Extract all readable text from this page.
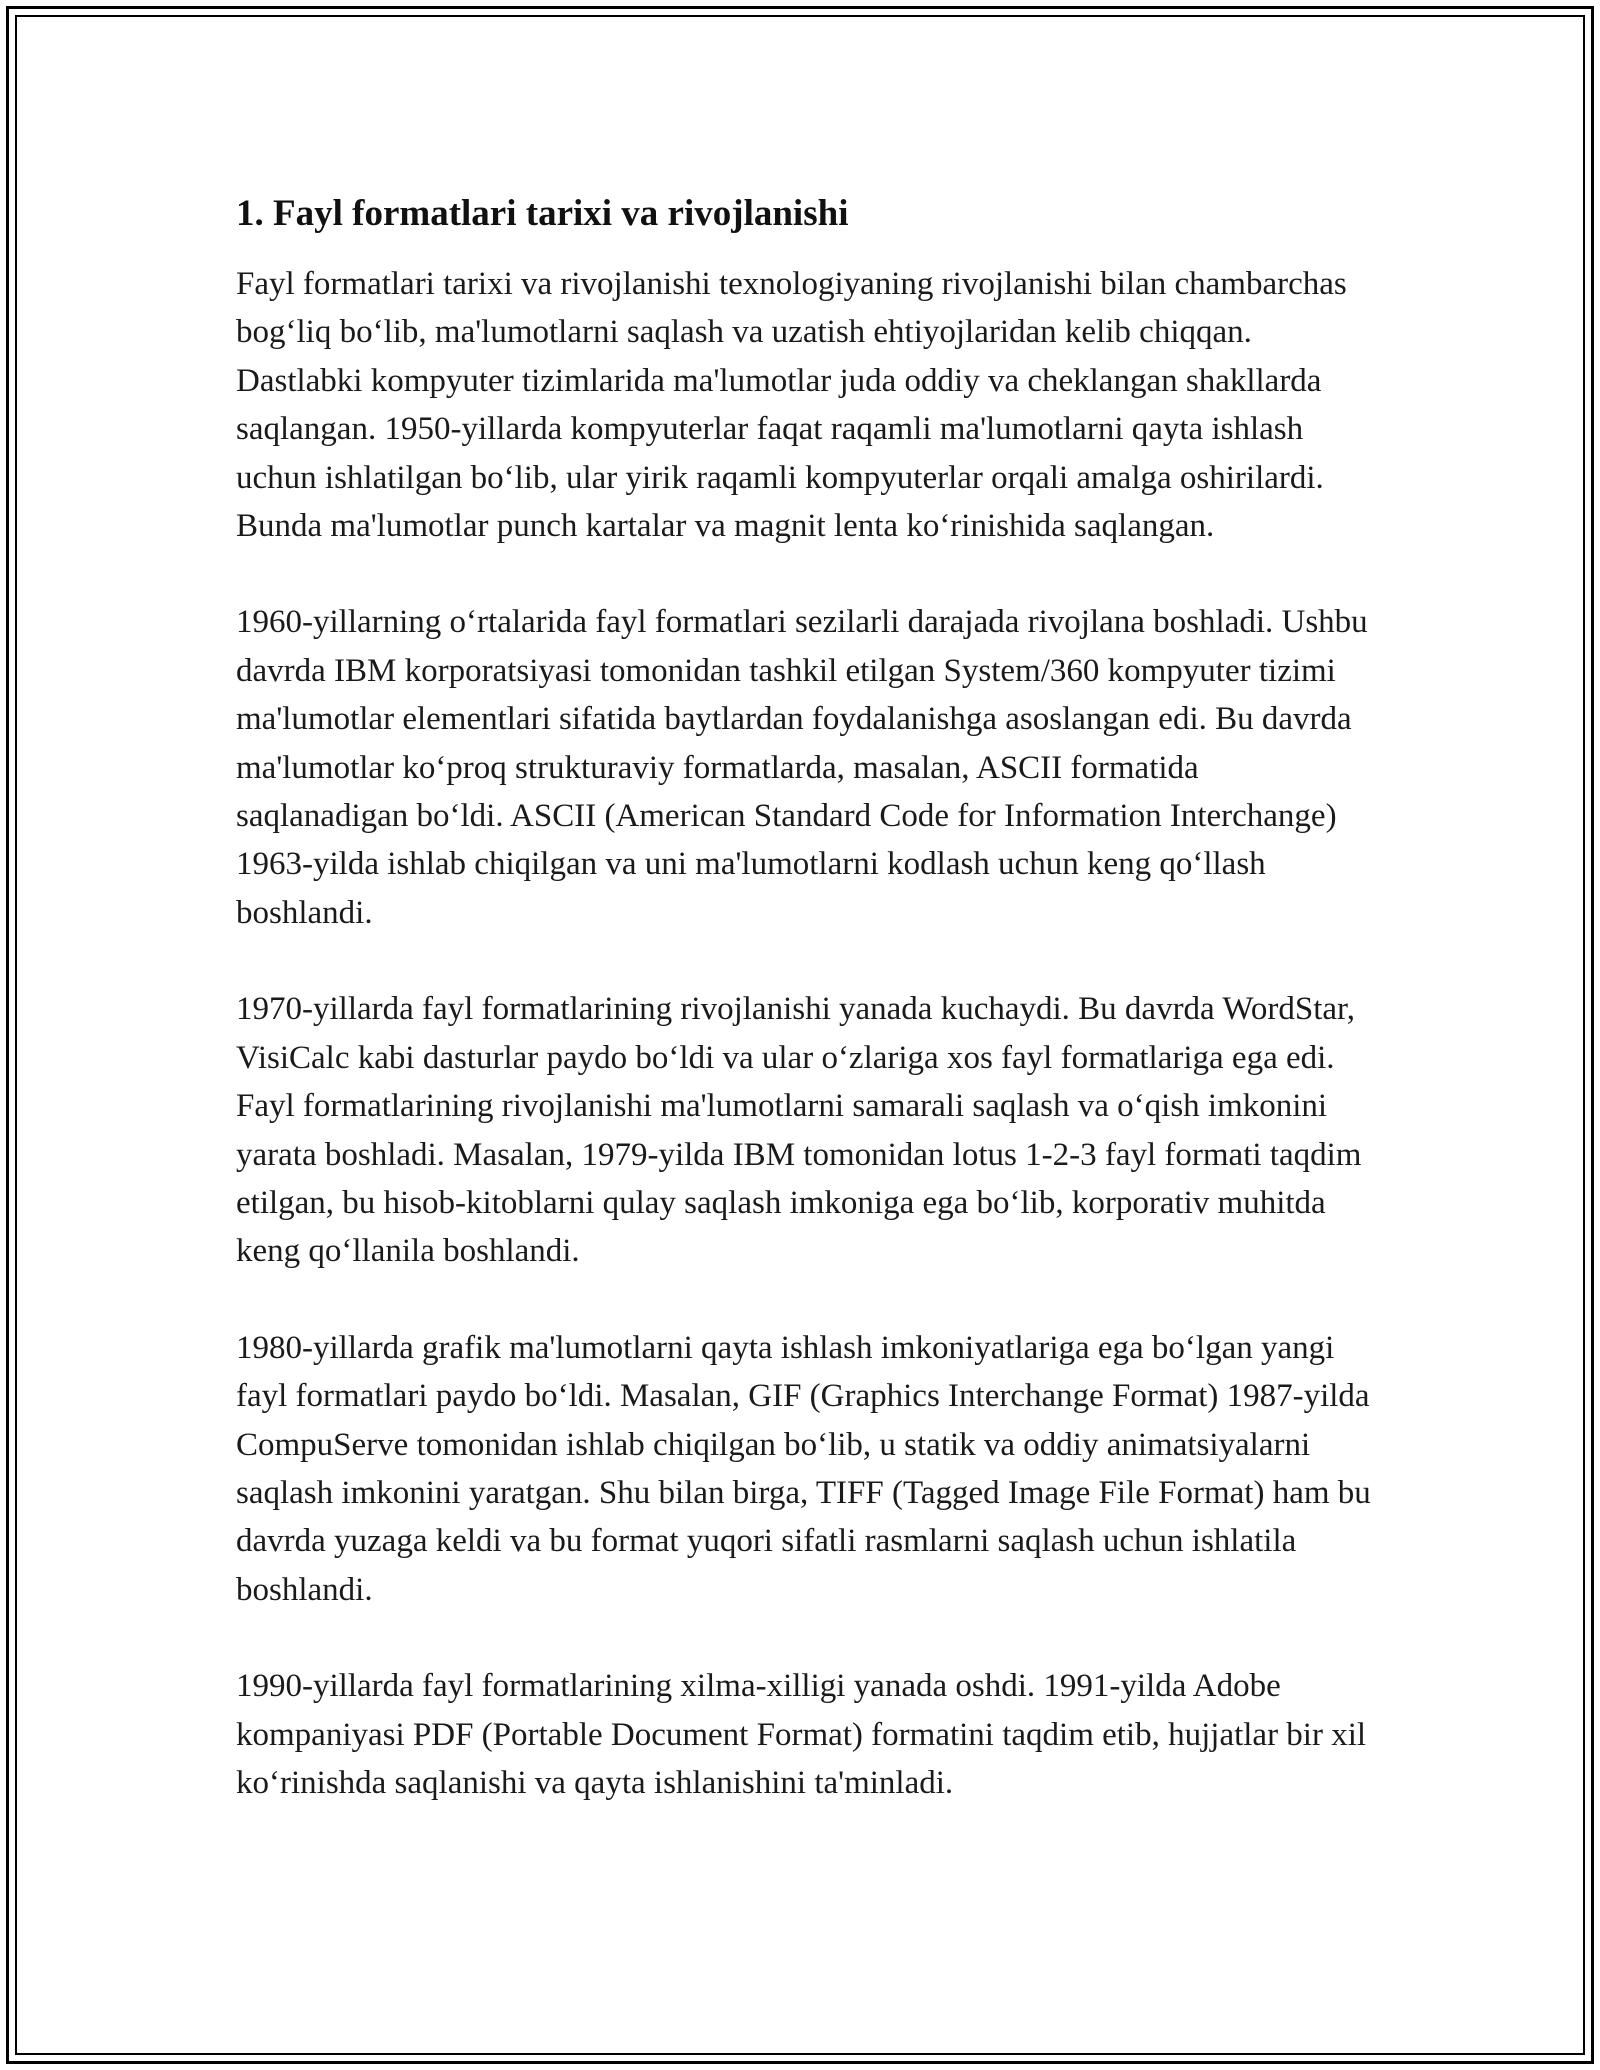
1. Fayl formatlari tarixi va rivojlanishi

Fayl formatlari tarixi va rivojlanishi texnologiyaning rivojlanishi bilan chambarchas bog‘liq bo‘lib, ma'lumotlarni saqlash va uzatish ehtiyojlaridan kelib chiqqan. Dastlabki kompyuter tizimlarida ma'lumotlar juda oddiy va cheklangan shakllarda saqlangan. 1950-yillarda kompyuterlar faqat raqamli ma'lumotlarni qayta ishlash uchun ishlatilgan bo‘lib, ular yirik raqamli kompyuterlar orqali amalga oshirilardi. Bunda ma'lumotlar punch kartalar va magnit lenta ko‘rinishida saqlangan.

1960-yillarning o‘rtalarida fayl formatlari sezilarli darajada rivojlana boshladi. Ushbu davrda IBM korporatsiyasi tomonidan tashkil etilgan System/360 kompyuter tizimi ma'lumotlar elementlari sifatida baytlardan foydalanishga asoslangan edi. Bu davrda ma'lumotlar ko‘proq strukturaviy formatlarda, masalan, ASCII formatida saqlanadigan bo‘ldi. ASCII (American Standard Code for Information Interchange) 1963-yilda ishlab chiqilgan va uni ma'lumotlarni kodlash uchun keng qo‘llash boshlandi.

1970-yillarda fayl formatlarining rivojlanishi yanada kuchaydi. Bu davrda WordStar, VisiCalc kabi dasturlar paydo bo‘ldi va ular o‘zlariga xos fayl formatlariga ega edi. Fayl formatlarining rivojlanishi ma'lumotlarni samarali saqlash va o‘qish imkonini yarata boshladi. Masalan, 1979-yilda IBM tomonidan lotus 1-2-3 fayl formati taqdim etilgan, bu hisob-kitoblarni qulay saqlash imkoniga ega bo‘lib, korporativ muhitda keng qo‘llanila boshlandi.

1980-yillarda grafik ma'lumotlarni qayta ishlash imkoniyatlariga ega bo‘lgan yangi fayl formatlari paydo bo‘ldi. Masalan, GIF (Graphics Interchange Format) 1987-yilda CompuServe tomonidan ishlab chiqilgan bo‘lib, u statik va oddiy animatsiyalarni saqlash imkonini yaratgan. Shu bilan birga, TIFF (Tagged Image File Format) ham bu davrda yuzaga keldi va bu format yuqori sifatli rasmlarni saqlash uchun ishlatila boshlandi.

1990-yillarda fayl formatlarining xilma-xilligi yanada oshdi. 1991-yilda Adobe kompaniyasi PDF (Portable Document Format) formatini taqdim etib, hujjatlar bir xil ko‘rinishda saqlanishi va qayta ishlanishini ta'minladi.
